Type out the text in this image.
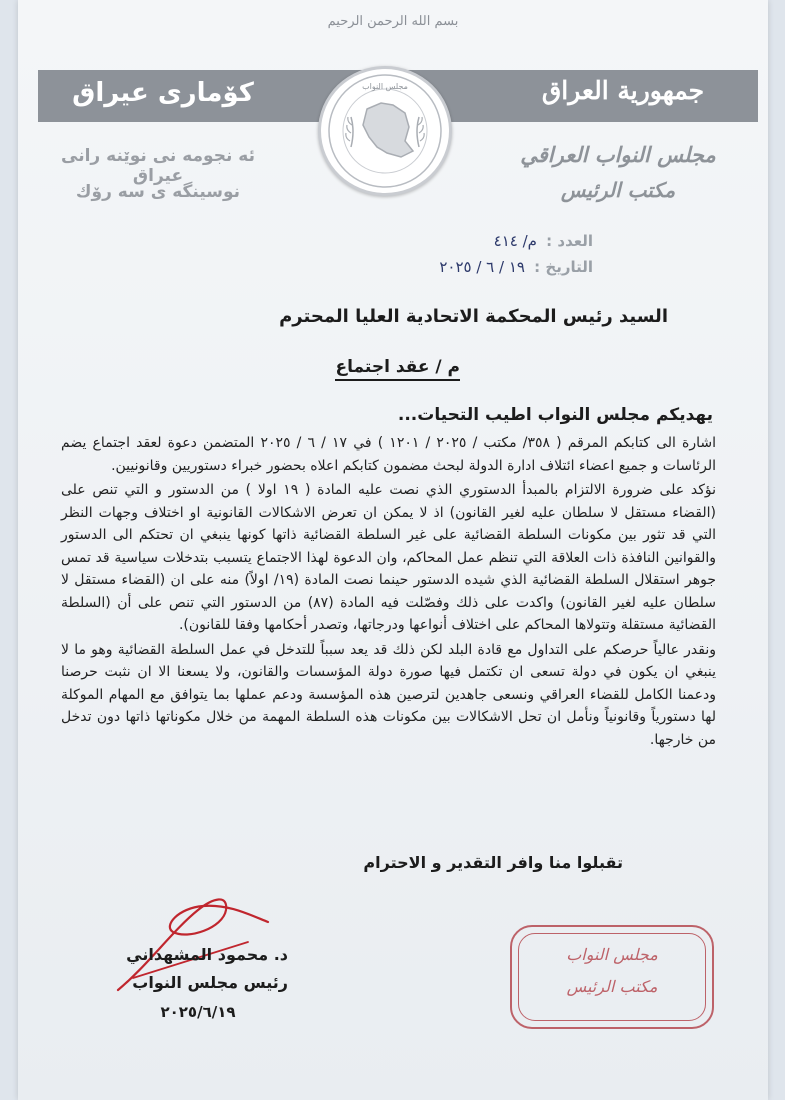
بسم الله الرحمن الرحيم
كۆمارى عيراق	جمهورية العراق
مجلس النواب
ئه نجومه نى نوێنه رانى عيراق
نوسينگه ى سه رۆك
مجلس النواب العراقي
مكتب الرئيس
العدد : م/ ٤١٤
التاريخ : ١٩ / ٦ / ٢٠٢٥
السيد رئيس المحكمة الاتحادية العليا المحترم
م / عقد اجتماع
يهديكم مجلس النواب اطيب التحيات...

اشارة الى كتابكم المرقم ( ٣٥٨/ مكتب / ٢٠٢٥ / ١٢٠١ ) في ١٧ / ٦ / ٢٠٢٥ المتضمن دعوة لعقد اجتماع يضم الرئاسات و جميع اعضاء ائتلاف ادارة الدولة لبحث مضمون كتابكم اعلاه بحضور خبراء دستوريين وقانونيين.

نؤكد على ضرورة الالتزام بالمبدأ الدستوري الذي نصت عليه المادة ( ١٩ اولا ) من الدستور و التي تنص على (القضاء مستقل لا سلطان عليه لغير القانون) اذ لا يمكن ان تعرض الاشكالات القانونية او اختلاف وجهات النظر التي قد تثور بين مكونات السلطة القضائية على غير السلطة القضائية ذاتها كونها ينبغي ان تحتكم الى الدستور والقوانين النافذة ذات العلاقة التي تنظم عمل المحاكم، وان الدعوة لهذا الاجتماع يتسبب بتدخلات سياسية قد تمس جوهر استقلال السلطة القضائية الذي شيده الدستور حينما نصت المادة (١٩/ اولاً) منه على ان (القضاء مستقل لا سلطان عليه لغير القانون) واكدت على ذلك وفصّلت فيه المادة (٨٧) من الدستور التي تنص على أن (السلطة القضائية مستقلة وتتولاها المحاكم على اختلاف أنواعها ودرجاتها، وتصدر أحكامها وفقا للقانون).

ونقدر عالياً حرصكم على التداول مع قادة البلد لكن ذلك قد يعد سبباً للتدخل في عمل السلطة القضائية وهو ما لا ينبغي ان يكون في دولة تسعى ان تكتمل فيها صورة دولة المؤسسات والقانون، ولا يسعنا الا ان نثبت حرصنا ودعمنا الكامل للقضاء العراقي ونسعى جاهدين لترصين هذه المؤسسة ودعم عملها بما يتوافق مع المهام الموكلة لها دستورياً وقانونياً ونأمل ان تحل الاشكالات بين مكونات هذه السلطة المهمة من خلال مكوناتها ذاتها دون تدخل من خارجها.

تقبلوا منا وافر التقدير و الاحترام
د. محمود المشهداني
رئيس مجلس النواب
٢٠٢٥/٦/١٩
مجلس النواب
مكتب الرئيس
